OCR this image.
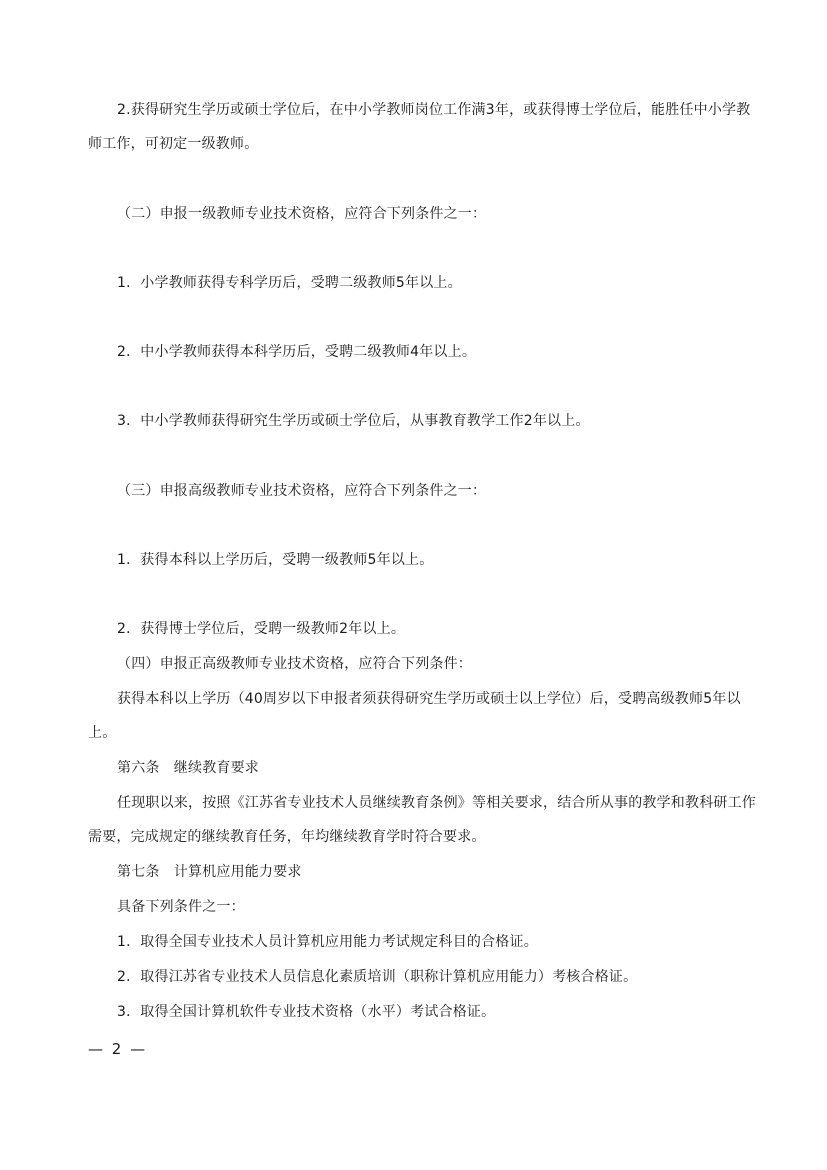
2.获得研究生学历或硕士学位后，在中小学教师岗位工作满3年，或获得博士学位后，能胜任中小学教

师工作，可初定一级教师。

（二）申报一级教师专业技术资格，应符合下列条件之一：

1．小学教师获得专科学历后，受聘二级教师5年以上。

2．中小学教师获得本科学历后，受聘二级教师4年以上。

3．中小学教师获得研究生学历或硕士学位后，从事教育教学工作2年以上。

（三）申报高级教师专业技术资格，应符合下列条件之一：

1．获得本科以上学历后，受聘一级教师5年以上。

2．获得博士学位后，受聘一级教师2年以上。

（四）申报正高级教师专业技术资格，应符合下列条件：

获得本科以上学历（40周岁以下申报者须获得研究生学历或硕士以上学位）后，受聘高级教师5年以

上。

第六条　继续教育要求

任现职以来，按照《江苏省专业技术人员继续教育条例》等相关要求，结合所从事的教学和教科研工作

需要，完成规定的继续教育任务，年均继续教育学时符合要求。

第七条　计算机应用能力要求

具备下列条件之一：

1．取得全国专业技术人员计算机应用能力考试规定科目的合格证。

2．取得江苏省专业技术人员信息化素质培训（职称计算机应用能力）考核合格证。

3．取得全国计算机软件专业技术资格（水平）考试合格证。

— 2 —
